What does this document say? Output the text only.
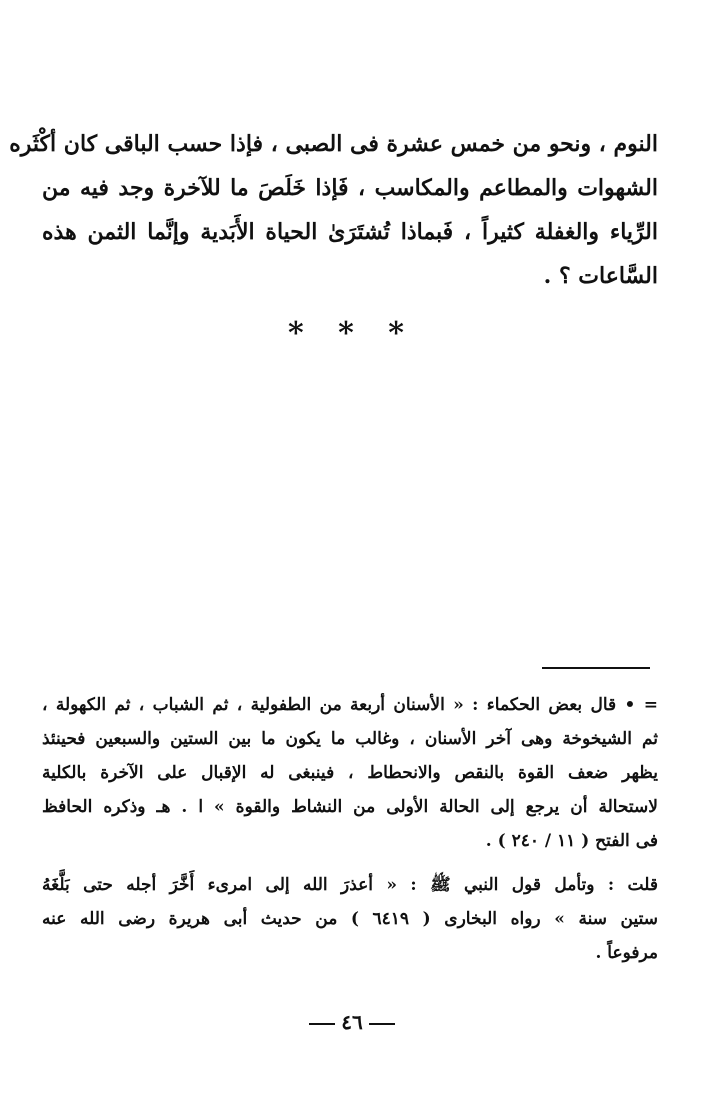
النوم ، ونحو من خمس عشرة فى الصبى ، فإذا حسب الباقى كان أكْثَره
الشهوات والمطاعم والمكاسب ، فَإذا خَلَصَ ما للآخرة وجد فيه من
الرِّياء والغفلة كثيراً ، فَبماذا تُشتَرَىٰ الحياة الأَبَدية وإنَّما الثمن هذه
السَّاعات ؟ .
* * *
= • قال بعض الحكماء : « الأسنان أربعة من الطفولية ، ثم الشباب ، ثم الكهولة ،
ثم الشيخوخة وهى آخر الأسنان ، وغالب ما يكون ما بين الستين والسبعين فحينئذ
يظهر ضعف القوة بالنقص والانحطاط ، فينبغى له الإقبال على الآخرة بالكلية
لاستحالة أن يرجع إلى الحالة الأولى من النشاط والقوة » ا . هـ وذكره الحافظ
فى الفتح ( ١١ / ٢٤٠ ) .
قلت : وتأمل قول النبي ﷺ : « أعذرَ الله إلى امرىء أَخَّرَ أجله حتى بَلَّغَهُ
ستين سنة » رواه البخارى ( ٦٤١٩ ) من حديث أبى هريرة رضى الله عنه
مرفوعاً .
٤٦
